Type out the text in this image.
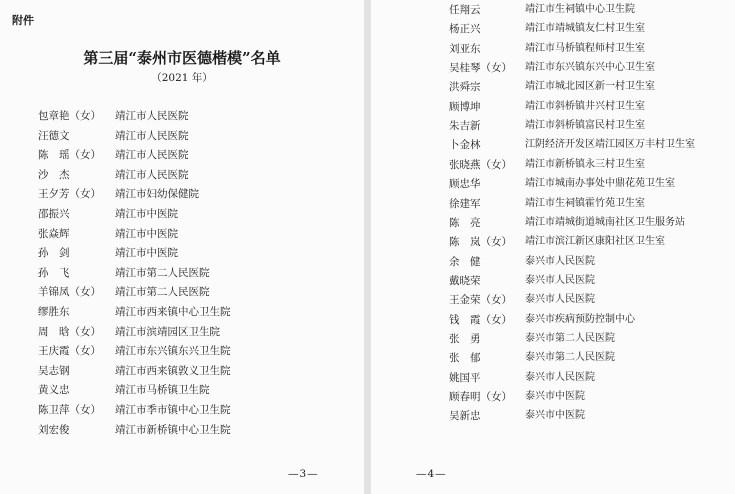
附件
第三届“泰州市医德楷模”名单
（2021 年）
包章艳（女） 靖江市人民医院
汪德文	靖江市人民医院
陈　瑶（女） 靖江市人民医院
沙　杰	靖江市人民医院
王夕芳（女） 靖江市妇幼保健院
邵振兴	靖江市中医院
张焱辉	靖江市中医院
孙　剑	靖江市中医院
孙　飞	靖江市第二人民医院
羊锦凤（女） 靖江市第二人民医院
缪胜东	靖江市西来镇中心卫生院
周　晗（女） 靖江市滨靖园区卫生院
王庆霞（女） 靖江市东兴镇东兴卫生院
吴志钢	靖江市西来镇敦义卫生院
黄义忠	靖江市马桥镇卫生院
陈卫萍（女） 靖江市季市镇中心卫生院
刘宏俊	靖江市新桥镇中心卫生院
—3—
任翔云	靖江市生祠镇中心卫生院
杨正兴	靖江市靖城镇友仁村卫生室
刘亚东	靖江市马桥镇程师村卫生室
吴桂琴（女） 靖江市东兴镇东兴中心卫生室
洪舜宗	靖江市城北园区新一村卫生室
顾博坤	靖江市斜桥镇井兴村卫生室
朱吉新	靖江市斜桥镇富民村卫生室
卜金林	江阴经济开发区靖江园区万丰村卫生室
张晓燕（女） 靖江市新桥镇永三村卫生室
顾忠华	靖江市城南办事处中鼎花苑卫生室
徐建军	靖江市生祠镇霍竹苑卫生室
陈　亮	靖江市靖城街道城南社区卫生服务站
陈　岚（女） 靖江市滨江新区康阳社区卫生室
余　健	泰兴市人民医院
戴晓荣	泰兴市人民医院
王金荣（女） 泰兴市人民医院
钱　霞（女） 泰兴市疾病预防控制中心
张　勇	泰兴市第二人民医院
张　郁	泰兴市第二人民医院
姚国平	泰兴市人民医院
顾春明（女） 泰兴市中医院
吴新忠	泰兴市中医院
—4—
